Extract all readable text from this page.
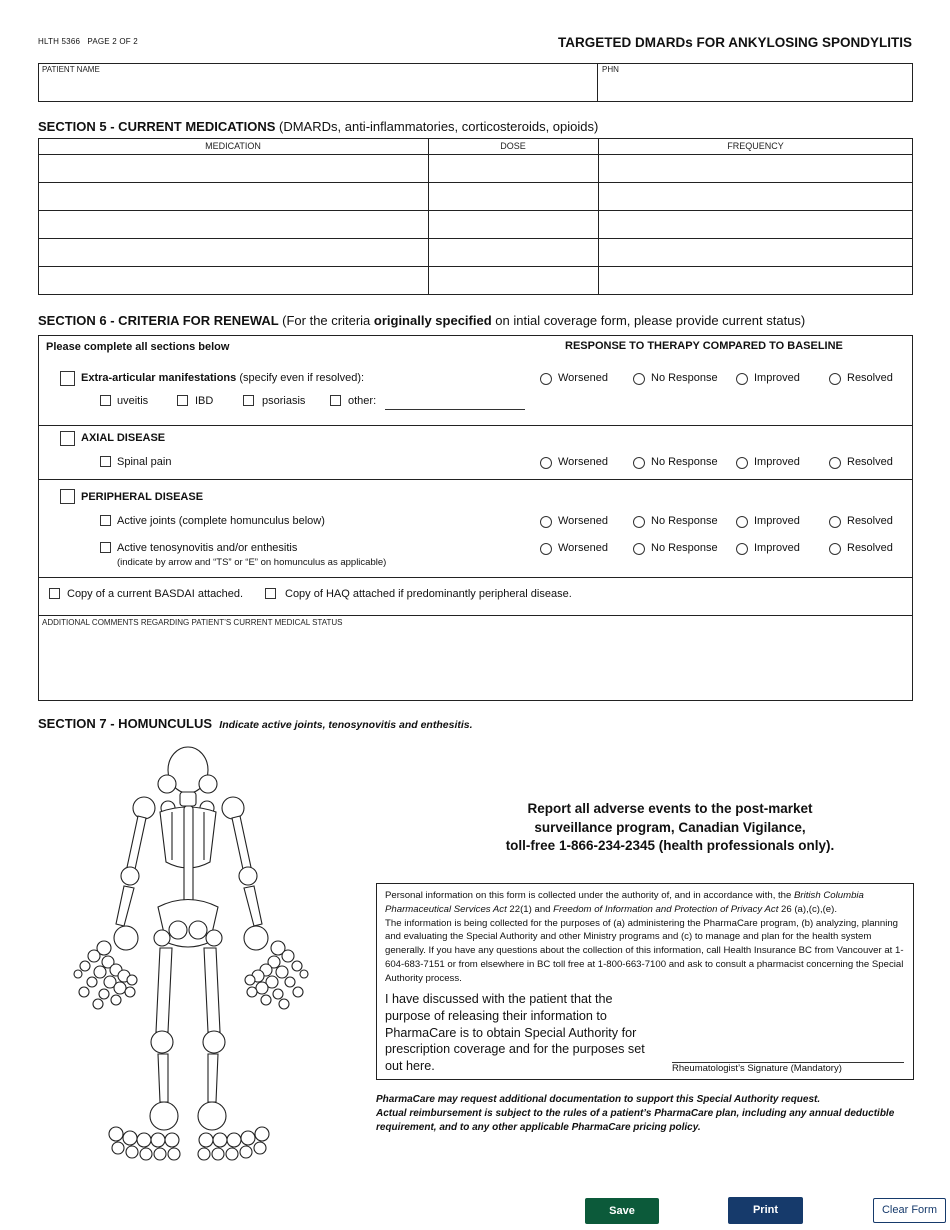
HLTH 5366 PAGE 2 OF 2	TARGETED DMARDs FOR ANKYLOSING SPONDYLITIS
PATIENT NAME	PHN
SECTION 5 - CURRENT MEDICATIONS (DMARDs, anti-inflammatories, corticosteroids, opioids)
MEDICATION	DOSE	FREQUENCY
SECTION 6 - CRITERIA FOR RENEWAL (For the criteria originally specified on intial coverage form, please provide current status)
Please complete all sections below	RESPONSE TO THERAPY COMPARED TO BASELINE
Extra-articular manifestations (specify even if resolved):
uveitis	IBD	psoriasis	other:
Worsened	No Response	Improved	Resolved
AXIAL DISEASE
Spinal pain	Worsened	No Response	Improved	Resolved
PERIPHERAL DISEASE
Active joints (complete homunculus below)	Worsened	No Response	Improved	Resolved
Active tenosynovitis and/or enthesitis
(indicate by arrow and “TS” or “E” on homunculus as applicable)
Worsened	No Response	Improved	Resolved
Copy of a current BASDAI attached.	Copy of HAQ attached if predominantly peripheral disease.
ADDITIONAL COMMENTS REGARDING PATIENT’S CURRENT MEDICAL STATUS
SECTION 7 - HOMUNCULUS Indicate active joints, tenosynovitis and enthesitis.
Report all adverse events to the post-market
surveillance program, Canadian Vigilance,
toll-free 1-866-234-2345 (health professionals only).

Personal information on this form is collected under the authority of, and in accordance with, the British Columbia Pharmaceutical Services Act 22(1) and Freedom of Information and Protection of Privacy Act 26 (a),(c),(e).

The information is being collected for the purposes of (a) administering the PharmaCare program, (b) analyzing, planning and evaluating the Special Authority and other Ministry programs and (c) to manage and plan for the health system generally. If you have any questions about the collection of this information, call Health Insurance BC from Vancouver at 1-604-683-7151 or from elsewhere in BC toll free at 1-800-663-7100 and ask to consult a pharmacist concerning the Special Authority process.

I have discussed with the patient that the purpose of releasing their information to PharmaCare is to obtain Special Authority for prescription coverage and for the purposes set out here.	Rheumatologist’s Signature (Mandatory)
PharmaCare may request additional documentation to support this Special Authority request.
Actual reimbursement is subject to the rules of a patient’s PharmaCare plan, including any annual deductible requirement, and to any other applicable PharmaCare pricing policy.
Save	Print	Clear Form
